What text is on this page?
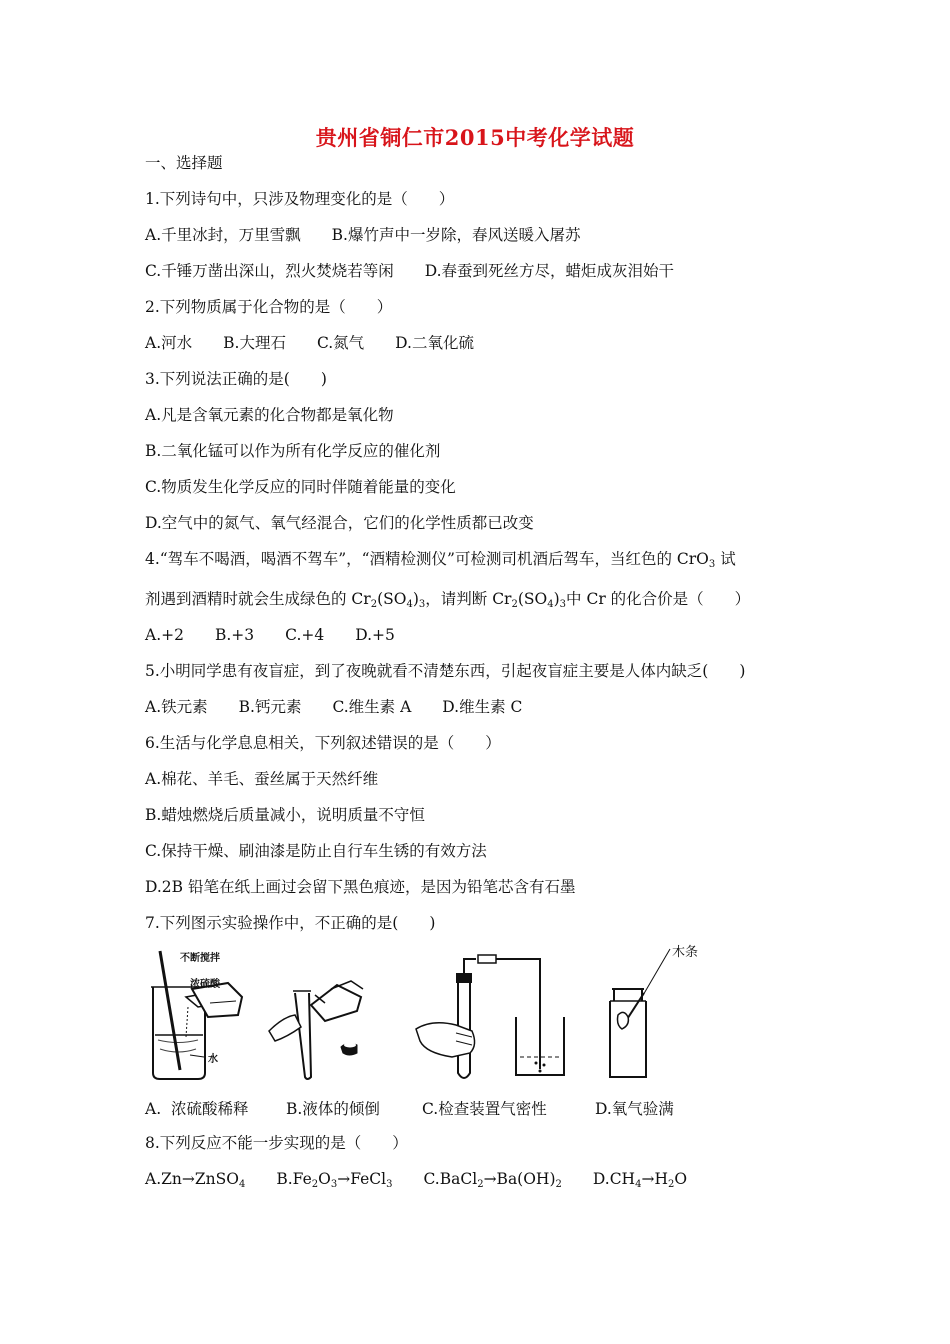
贵州省铜仁市2015中考化学试题
一、选择题
1.下列诗句中，只涉及物理变化的是（　　）
A.千里冰封，万里雪飘　　B.爆竹声中一岁除，春风送暖入屠苏
C.千锤万凿出深山，烈火焚烧若等闲　　D.春蚕到死丝方尽，蜡炬成灰泪始干
2.下列物质属于化合物的是（　　）
A.河水　　B.大理石　　C.氮气　　D.二氧化硫
3.下列说法正确的是(　　)
A.凡是含氧元素的化合物都是氧化物
B.二氧化锰可以作为所有化学反应的催化剂
C.物质发生化学反应的同时伴随着能量的变化
D.空气中的氮气、氧气经混合，它们的化学性质都已改变
4.“驾车不喝酒，喝酒不驾车”，“酒精检测仪”可检测司机酒后驾车，当红色的 CrO$_3$ 试
剂遇到酒精时就会生成绿色的 $Cr_2(SO_4)_3$，请判断 $Cr_2(SO_4)_3$中 Cr 的化合价是（　　）
A.+2　　B.+3　　C.+4　　D.+5
5.小明同学患有夜盲症，到了夜晚就看不清楚东西，引起夜盲症主要是人体内缺乏(　　)
A.铁元素　　B.钙元素　　C.维生素 A　　D.维生素 C
6.生活与化学息息相关，下列叙述错误的是（　　）
A.棉花、羊毛、蚕丝属于天然纤维
B.蜡烛燃烧后质量减小，说明质量不守恒
C.保持干燥、刷油漆是防止自行车生锈的有效方法
D.2B 铅笔在纸上画过会留下黑色痕迹，是因为铅笔芯含有石墨
7.下列图示实验操作中，不正确的是(　　)
不断搅拌
浓硫酸
水
木条
A.  浓硫酸稀释 B.液体的倾倒	C.检查装置气密性	D.氧气验满
8.下列反应不能一步实现的是（　　）
A.Zn→ZnSO$_4$　　 $B.Fe_2O_3\to FeCl_3$　　 $C.BaCl_2\to Ba(OH)_2$　　 $D.CH_4\to H_2O$
